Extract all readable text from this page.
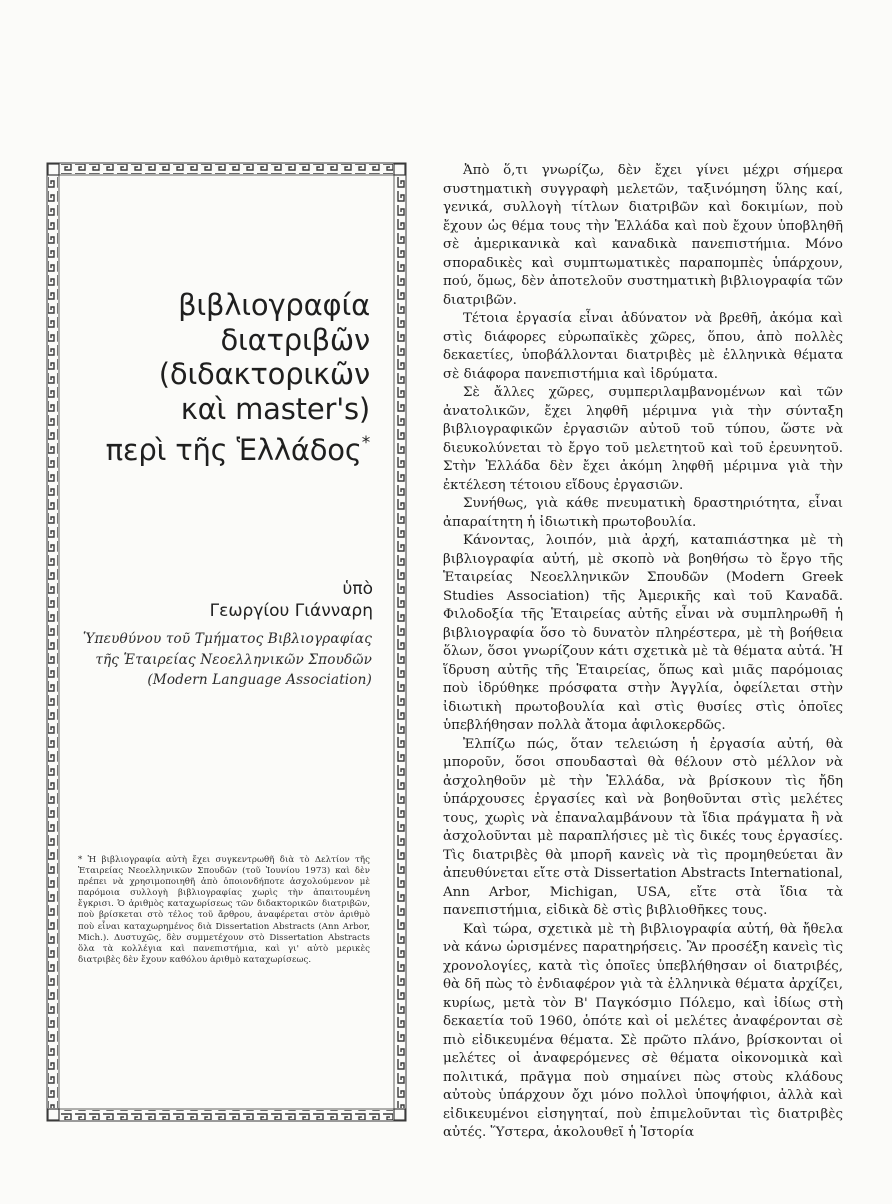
βιβλιογραφία
διατριβῶν
(διδακτορικῶν
καὶ master's)
περὶ τῆς Ἑλλάδος*
ὑπὸ
Γεωργίου Γιάνναρη
Ὑπευθύνου τοῦ Τμήματος Βιβλιογραφίας
τῆς Ἑταιρείας Νεοελληνικῶν Σπουδῶν
(Modern Language Association)
* Ἡ βιβλιογραφία αὐτὴ ἔχει συγκεντρωθῆ διὰ τὸ Δελτίον τῆς Ἑταιρείας Νεοελληνικῶν Σπουδῶν (τοῦ Ἰουνίου 1973) καὶ δὲν πρέπει νὰ χρησιμοποιηθῆ ἀπὸ ὁποιονδήποτε ἀσχολούμενον μὲ παρόμοια συλλογὴ βιβλιογραφίας χωρὶς τὴν ἀπαιτουμένη ἔγκρισι. Ὁ ἀριθμὸς καταχωρίσεως τῶν διδακτορικῶν διατριβῶν, ποὺ βρίσκεται στὸ τέλος τοῦ ἄρθρου, ἀναφέρεται στὸν ἀριθμὸ ποὺ εἶναι καταχωρημένος διὰ Dissertation Abstracts (Ann Arbor, Mich.). Δυστυχῶς, δὲν συμμετέχουν στὸ Dissertation Abstracts ὅλα τὰ κολλέγια καὶ πανεπιστήμια, καὶ γι' αὐτὸ μερικὲς διατριβὲς δὲν ἔχουν καθόλου ἀριθμὸ καταχωρίσεως.

Ἀπὸ ὅ,τι γνωρίζω, δὲν ἔχει γίνει μέχρι σήμερα συστηματικὴ συγγραφὴ μελετῶν, ταξινόμηση ὕλης καί, γενικά, συλλογὴ τίτλων διατριβῶν καὶ δοκιμίων, ποὺ ἔχουν ὡς θέμα τους τὴν Ἑλλάδα καὶ ποὺ ἔχουν ὑποβληθῆ σὲ ἀμερικανικὰ καὶ καναδικὰ πανεπιστήμια. Μόνο σποραδικὲς καὶ συμπτωματικὲς παραπομπὲς ὑπάρχουν, πού, ὅμως, δὲν ἀποτελοῦν συστηματικὴ βιβλιογραφία τῶν διατριβῶν.

Τέτοια ἐργασία εἶναι ἀδύνατον νὰ βρεθῆ, ἀκόμα καὶ στὶς διάφορες εὐρωπαϊκὲς χῶρες, ὅπου, ἀπὸ πολλὲς δεκαετίες, ὑποβάλλονται διατριβὲς μὲ ἑλληνικὰ θέματα σὲ διάφορα πανεπιστήμια καὶ ἱδρύματα.

Σὲ ἄλλες χῶρες, συμπεριλαμβανομένων καὶ τῶν ἀνατολικῶν, ἔχει ληφθῆ μέριμνα γιὰ τὴν σύνταξη βιβλιογραφικῶν ἐργασιῶν αὐτοῦ τοῦ τύπου, ὥστε νὰ διευκολύνεται τὸ ἔργο τοῦ μελετητοῦ καὶ τοῦ ἐρευνητοῦ. Στὴν Ἑλλάδα δὲν ἔχει ἀκόμη ληφθῆ μέριμνα γιὰ τὴν ἐκτέλεση τέτοιου εἴδους ἐργασιῶν.

Συνήθως, γιὰ κάθε πνευματικὴ δραστηριότητα, εἶναι ἀπαραίτητη ἡ ἰδιωτικὴ πρωτοβουλία.

Κάνοντας, λοιπόν, μιὰ ἀρχή, καταπιάστηκα μὲ τὴ βιβλιογραφία αὐτή, μὲ σκοπὸ νὰ βοηθήσω τὸ ἔργο τῆς Ἑταιρείας Νεοελληνικῶν Σπουδῶν (Modern Greek Studies Association) τῆς Ἀμερικῆς καὶ τοῦ Καναδᾶ. Φιλοδοξία τῆς Ἑταιρείας αὐτῆς εἶναι νὰ συμπληρωθῆ ἡ βιβλιογραφία ὅσο τὸ δυνατὸν πληρέστερα, μὲ τὴ βοήθεια ὅλων, ὅσοι γνωρίζουν κάτι σχετικὰ μὲ τὰ θέματα αὐτά. Ἡ ἵδρυση αὐτῆς τῆς Ἑταιρείας, ὅπως καὶ μιᾶς παρόμοιας ποὺ ἱδρύθηκε πρόσφατα στὴν Ἀγγλία, ὀφείλεται στὴν ἰδιωτικὴ πρωτοβουλία καὶ στὶς θυσίες στὶς ὁποῖες ὑπεβλήθησαν πολλὰ ἄτομα ἀφιλοκερδῶς.

Ἐλπίζω πώς, ὅταν τελειώση ἡ ἐργασία αὐτή, θὰ μποροῦν, ὅσοι σπουδασταὶ θὰ θέλουν στὸ μέλλον νὰ ἀσχοληθοῦν μὲ τὴν Ἑλλάδα, νὰ βρίσκουν τὶς ἤδη ὑπάρχουσες ἐργασίες καὶ νὰ βοηθοῦνται στὶς μελέτες τους, χωρὶς νὰ ἐπαναλαμβάνουν τὰ ἴδια πράγματα ἢ νὰ ἀσχολοῦνται μὲ παραπλήσιες μὲ τὶς δικές τους ἐργασίες. Τὶς διατριβὲς θὰ μπορῆ κανεὶς νὰ τὶς προμηθεύεται ἂν ἀπευθύνεται εἴτε στὰ Dissertation Abstracts International, Ann Arbor, Michigan, USA, εἴτε στὰ ἴδια τὰ πανεπιστήμια, εἰδικὰ δὲ στὶς βιβλιοθῆκες τους.

Καὶ τώρα, σχετικὰ μὲ τὴ βιβλιογραφία αὐτή, θὰ ἤθελα νὰ κάνω ὡρισμένες παρατηρήσεις. Ἂν προσέξη κανεὶς τὶς χρονολογίες, κατὰ τὶς ὁποῖες ὑπεβλήθησαν οἱ διατριβές, θὰ δῆ πὼς τὸ ἐνδιαφέρον γιὰ τὰ ἑλληνικὰ θέματα ἀρχίζει, κυρίως, μετὰ τὸν Β' Παγκόσμιο Πόλεμο, καὶ ἰδίως στὴ δεκαετία τοῦ 1960, ὁπότε καὶ οἱ μελέτες ἀναφέρονται σὲ πιὸ εἰδικευμένα θέματα. Σὲ πρῶτο πλάνο, βρίσκονται οἱ μελέτες οἱ ἀναφερόμενες σὲ θέματα οἰκονομικὰ καὶ πολιτικά, πρᾶγμα ποὺ σημαίνει πὼς στοὺς κλάδους αὐτοὺς ὑπάρχουν ὄχι μόνο πολλοὶ ὑποψήφιοι, ἀλλὰ καὶ εἰδικευμένοι εἰσηγηταί, ποὺ ἐπιμελοῦνται τὶς διατριβὲς αὐτές. Ὕστερα, ἀκολουθεῖ ἡ Ἱστορία
